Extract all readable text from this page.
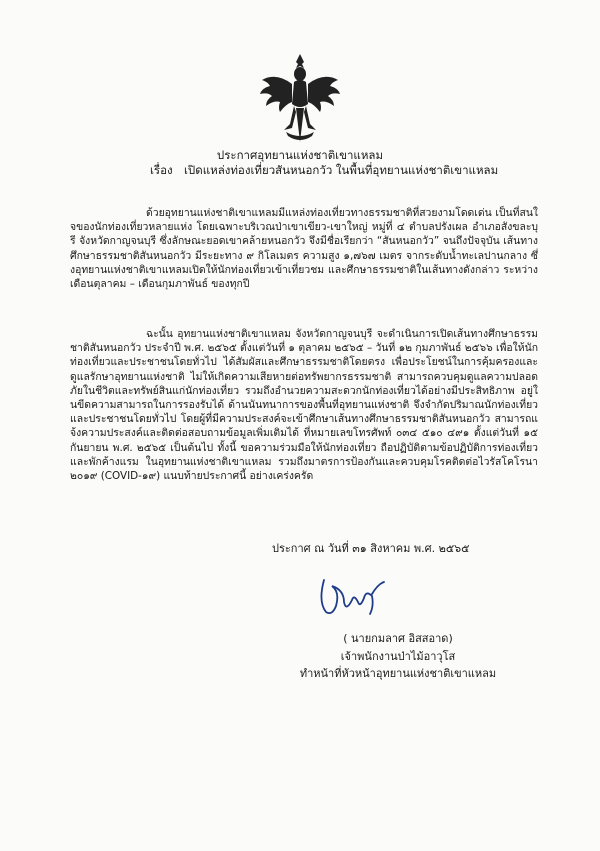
ประกาศอุทยานแห่งชาติเขาแหลม
เรื่อง เปิดแหล่งท่องเที่ยวสันหนอกวัว ในพื้นที่อุทยานแห่งชาติเขาแหลม
ด้วยอุทยานแห่งชาติเขาแหลมมีแหล่งท่องเที่ยวทางธรรมชาติที่สวยงามโดดเด่น เป็นที่สนใจของนักท่องเที่ยวหลายแห่ง โดยเฉพาะบริเวณป่าเขาเขียว-เขาใหญ่ หมู่ที่ ๔ ตำบลปรังเผล อำเภอสังขละบุรี จังหวัดกาญจนบุรี ซึ่งลักษณะยอดเขาคล้ายหนอกวัว จึงมีชื่อเรียกว่า “สันหนอกวัว” จนถึงปัจจุบัน เส้นทางศึกษาธรรมชาติสันหนอกวัว มีระยะทาง ๙ กิโลเมตร ความสูง ๑,๗๖๗ เมตร จากระดับน้ำทะเลปานกลาง ซึ่งอุทยานแห่งชาติเขาแหลมเปิดให้นักท่องเที่ยวเข้าเที่ยวชม และศึกษาธรรมชาติในเส้นทางดังกล่าว ระหว่างเดือนตุลาคม – เดือนกุมภาพันธ์ ของทุกปี
ฉะนั้น อุทยานแห่งชาติเขาแหลม จังหวัดกาญจนบุรี จะดำเนินการเปิดเส้นทางศึกษาธรรมชาติสันหนอกวัว ประจำปี พ.ศ. ๒๕๖๕ ตั้งแต่วันที่ ๑ ตุลาคม ๒๕๖๕ – วันที่ ๑๒ กุมภาพันธ์ ๒๕๖๖ เพื่อให้นักท่องเที่ยวและประชาชนโดยทั่วไป ได้สัมผัสและศึกษาธรรมชาติโดยตรง เพื่อประโยชน์ในการคุ้มครองและดูแลรักษาอุทยานแห่งชาติ ไม่ให้เกิดความเสียหายต่อทรัพยากรธรรมชาติ สามารถควบคุมดูแลความปลอดภัยในชีวิตและทรัพย์สินแก่นักท่องเที่ยว รวมถึงอำนวยความสะดวกนักท่องเที่ยวได้อย่างมีประสิทธิภาพ อยู่ในขีดความสามารถในการรองรับได้ ด้านนันทนาการของพื้นที่อุทยานแห่งชาติ จึงจำกัดปริมาณนักท่องเที่ยวและประชาชนโดยทั่วไป โดยผู้ที่มีความประสงค์จะเข้าศึกษาเส้นทางศึกษาธรรมชาติสันหนอกวัว สามารถแจ้งความประสงค์และติดต่อสอบถามข้อมูลเพิ่มเติมได้ ที่หมายเลขโทรศัพท์ ๐๓๔ ๕๑๐ ๔๙๑ ตั้งแต่วันที่ ๑๕ กันยายน พ.ศ. ๒๕๖๕ เป็นต้นไป ทั้งนี้ ขอความร่วมมือให้นักท่องเที่ยว ถือปฏิบัติตามข้อปฏิบัติการท่องเที่ยวและพักค้างแรม ในอุทยานแห่งชาติเขาแหลม รวมถึงมาตรการป้องกันและควบคุมโรคติดต่อไวรัสโคโรนา ๒๐๑๙ (COVID-๑๙) แนบท้ายประกาศนี้ อย่างเคร่งครัด
ประกาศ ณ วันที่ ๓๑ สิงหาคม พ.ศ. ๒๕๖๕
( นายกมลาศ อิสสอาด)
เจ้าพนักงานป่าไม้อาวุโส
ทำหน้าที่หัวหน้าอุทยานแห่งชาติเขาแหลม
